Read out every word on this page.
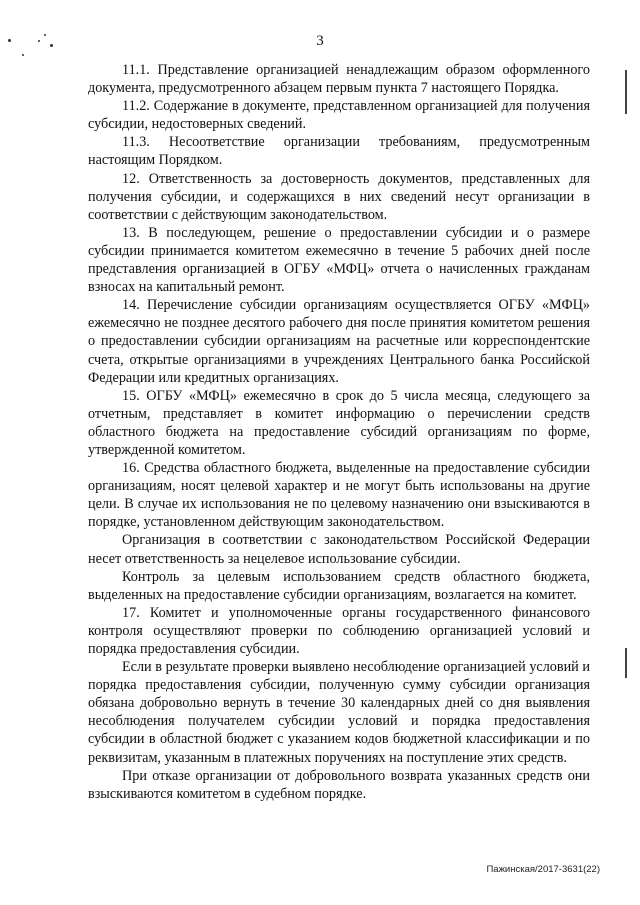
3

11.1. Представление организацией ненадлежащим образом оформленного документа, предусмотренного абзацем первым пункта 7 настоящего Порядка.

11.2. Содержание в документе, представленном организацией для получения субсидии, недостоверных сведений.

11.3. Несоответствие организации требованиям, предусмотренным настоящим Порядком.

12. Ответственность за достоверность документов, представленных для получения субсидии, и содержащихся в них сведений несут организации в соответствии с действующим законодательством.

13. В последующем, решение о предоставлении субсидии и о размере субсидии принимается комитетом ежемесячно в течение 5 рабочих дней после представления организацией в ОГБУ «МФЦ» отчета о начисленных гражданам взносах на капитальный ремонт.

14. Перечисление субсидии организациям осуществляется ОГБУ «МФЦ» ежемесячно не позднее десятого рабочего дня после принятия комитетом решения о предоставлении субсидии организациям на расчетные или корреспондентские счета, открытые организациями в учреждениях Центрального банка Российской Федерации или кредитных организациях.

15. ОГБУ «МФЦ» ежемесячно в срок до 5 числа месяца, следующего за отчетным, представляет в комитет информацию о перечислении средств областного бюджета на предоставление субсидий организациям по форме, утвержденной комитетом.

16. Средства областного бюджета, выделенные на предоставление субсидии организациям, носят целевой характер и не могут быть использованы на другие цели. В случае их использования не по целевому назначению они взыскиваются в порядке, установленном действующим законодательством.

Организация в соответствии с законодательством Российской Федерации несет ответственность за нецелевое использование субсидии.

Контроль за целевым использованием средств областного бюджета, выделенных на предоставление субсидии организациям, возлагается на комитет.

17. Комитет и уполномоченные органы государственного финансового контроля осуществляют проверки по соблюдению организацией условий и порядка предоставления субсидии.

Если в результате проверки выявлено несоблюдение организацией условий и порядка предоставления субсидии, полученную сумму субсидии организация обязана добровольно вернуть в течение 30 календарных дней со дня выявления несоблюдения получателем субсидии условий и порядка предоставления субсидии в областной бюджет с указанием кодов бюджетной классификации и по реквизитам, указанным в платежных поручениях на поступление этих средств.

При отказе организации от добровольного возврата указанных средств они взыскиваются комитетом в судебном порядке.

Пажинская/2017-3631(22)
